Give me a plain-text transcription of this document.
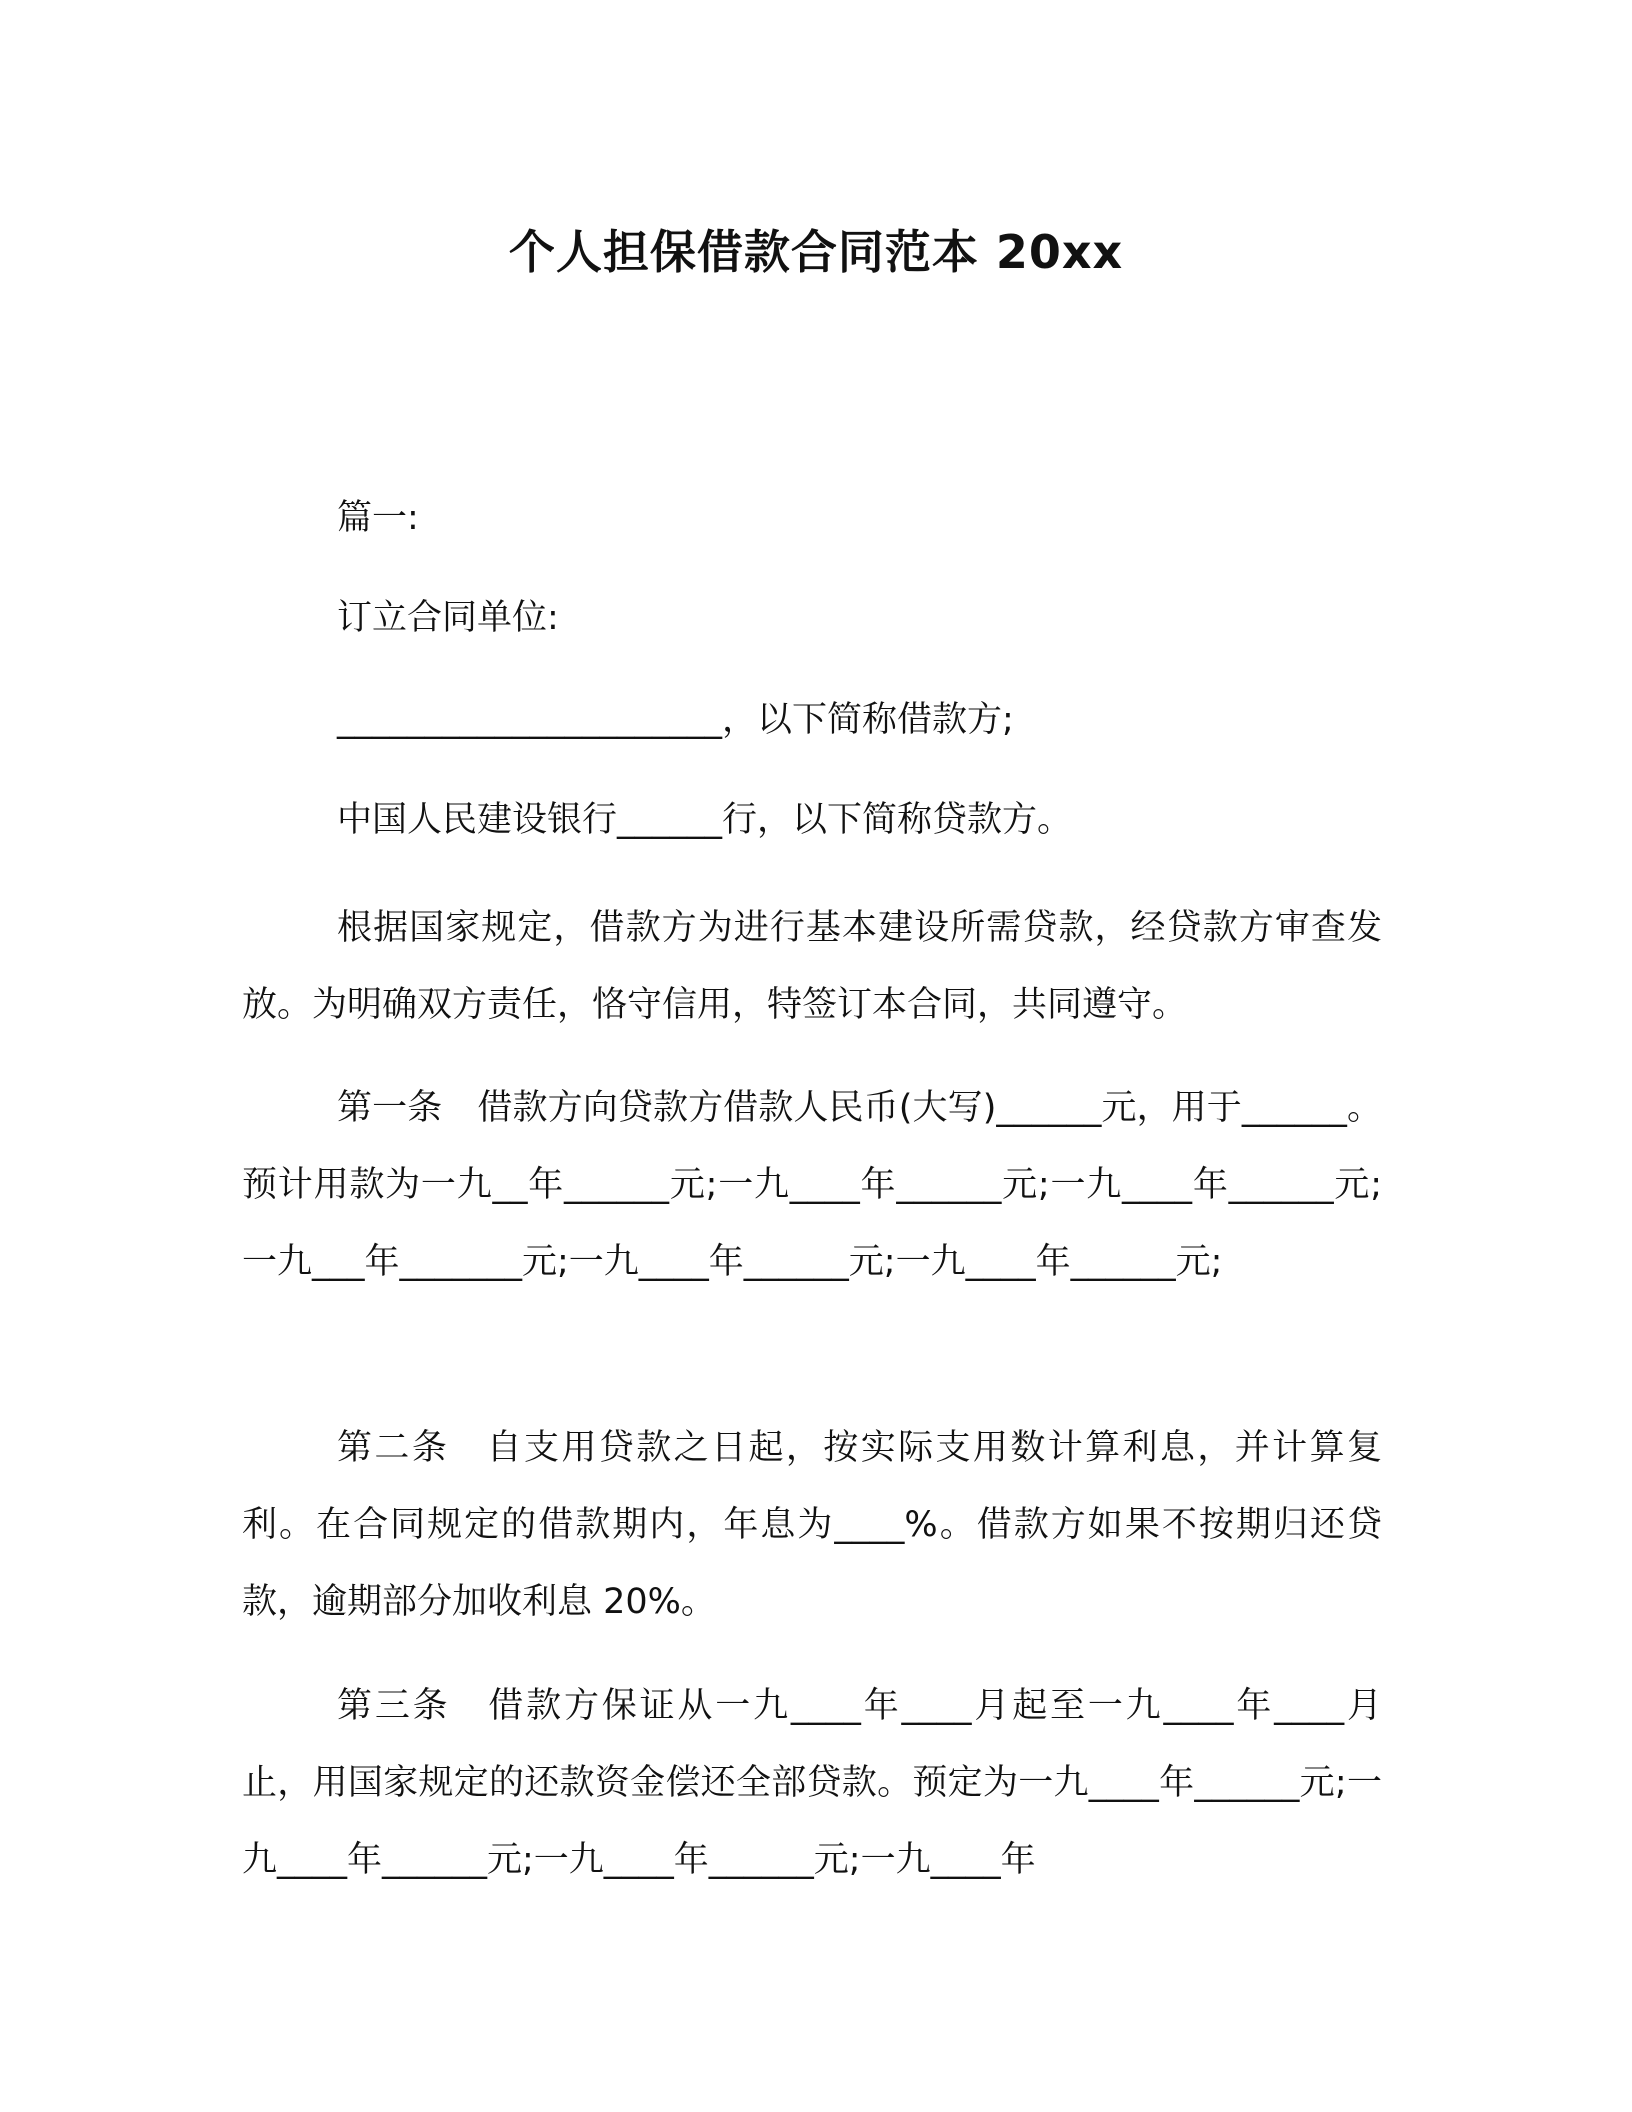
个人担保借款合同范本 20xx

篇一:

订立合同单位:

______________________，以下简称借款方;

中国人民建设银行______行，以下简称贷款方。

根据国家规定，借款方为进行基本建设所需贷款，经贷款方审查发放。为明确双方责任，恪守信用，特签订本合同，共同遵守。

第一条　借款方向贷款方借款人民币(大写)______元，用于______。预计用款为一九__年______元;一九____年______元;一九____年______元;一九___年_______元;一九____年______元;一九____年______元;

第二条　自支用贷款之日起，按实际支用数计算利息，并计算复利。在合同规定的借款期内，年息为____%。借款方如果不按期归还贷款，逾期部分加收利息 20%。

第三条　借款方保证从一九____年____月起至一九____年____月止，用国家规定的还款资金偿还全部贷款。预定为一九____年______元;一九____年______元;一九____年______元;一九____年
